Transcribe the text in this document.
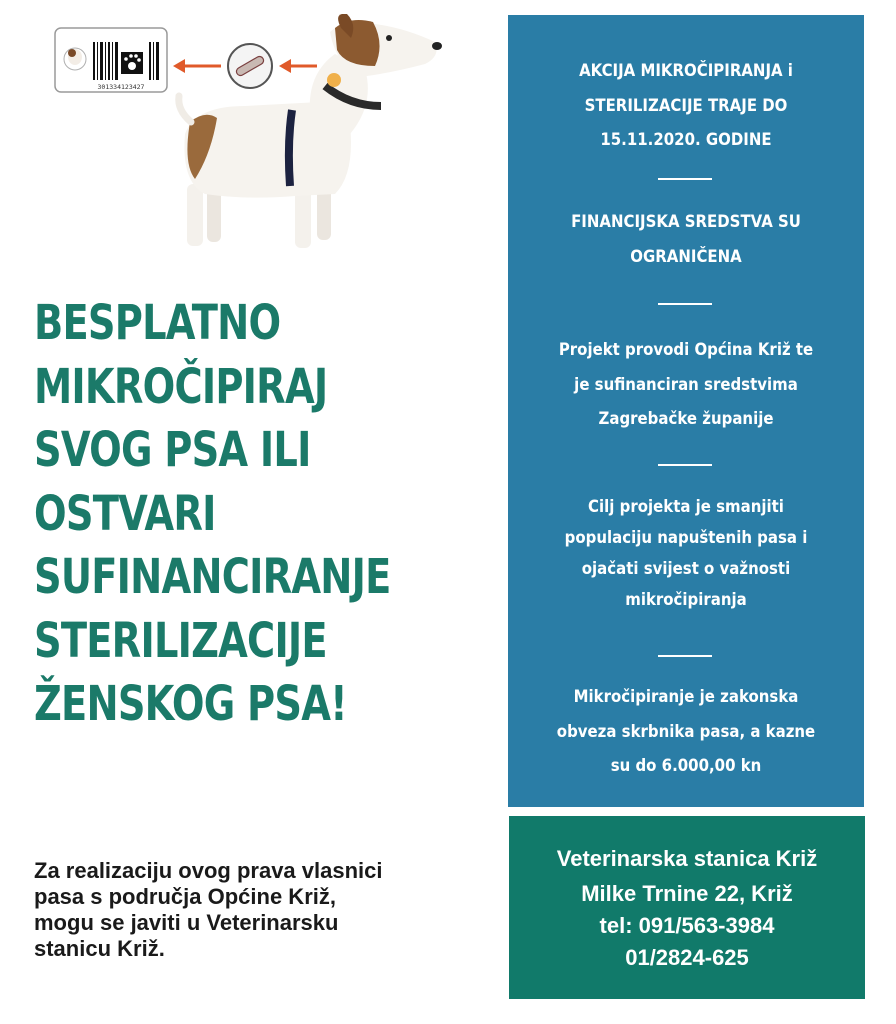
301334123427
BESPLATNO
MIKROČIPIRAJ
SVOG PSA ILI
OSTVARI
SUFINANCIRANJE
STERILIZACIJE
ŽENSKOG PSA!
Za realizaciju ovog prava vlasnici
pasa s područja Općine Križ,
mogu se javiti u Veterinarsku
stanicu Križ.
AKCIJA MIKROČIPIRANJA i
STERILIZACIJE TRAJE DO
15.11.2020. GODINE
FINANCIJSKA SREDSTVA SU
OGRANIČENA
Projekt provodi Općina Križ te
je sufinanciran sredstvima
Zagrebačke županije
Cilj projekta je smanjiti
populaciju napuštenih pasa i
ojačati svijest o važnosti
mikročipiranja
Mikročipiranje je zakonska
obveza skrbnika pasa, a kazne
su do 6.000,00 kn
Veterinarska stanica Križ
Milke Trnine 22, Križ
tel: 091/563-3984
01/2824-625
